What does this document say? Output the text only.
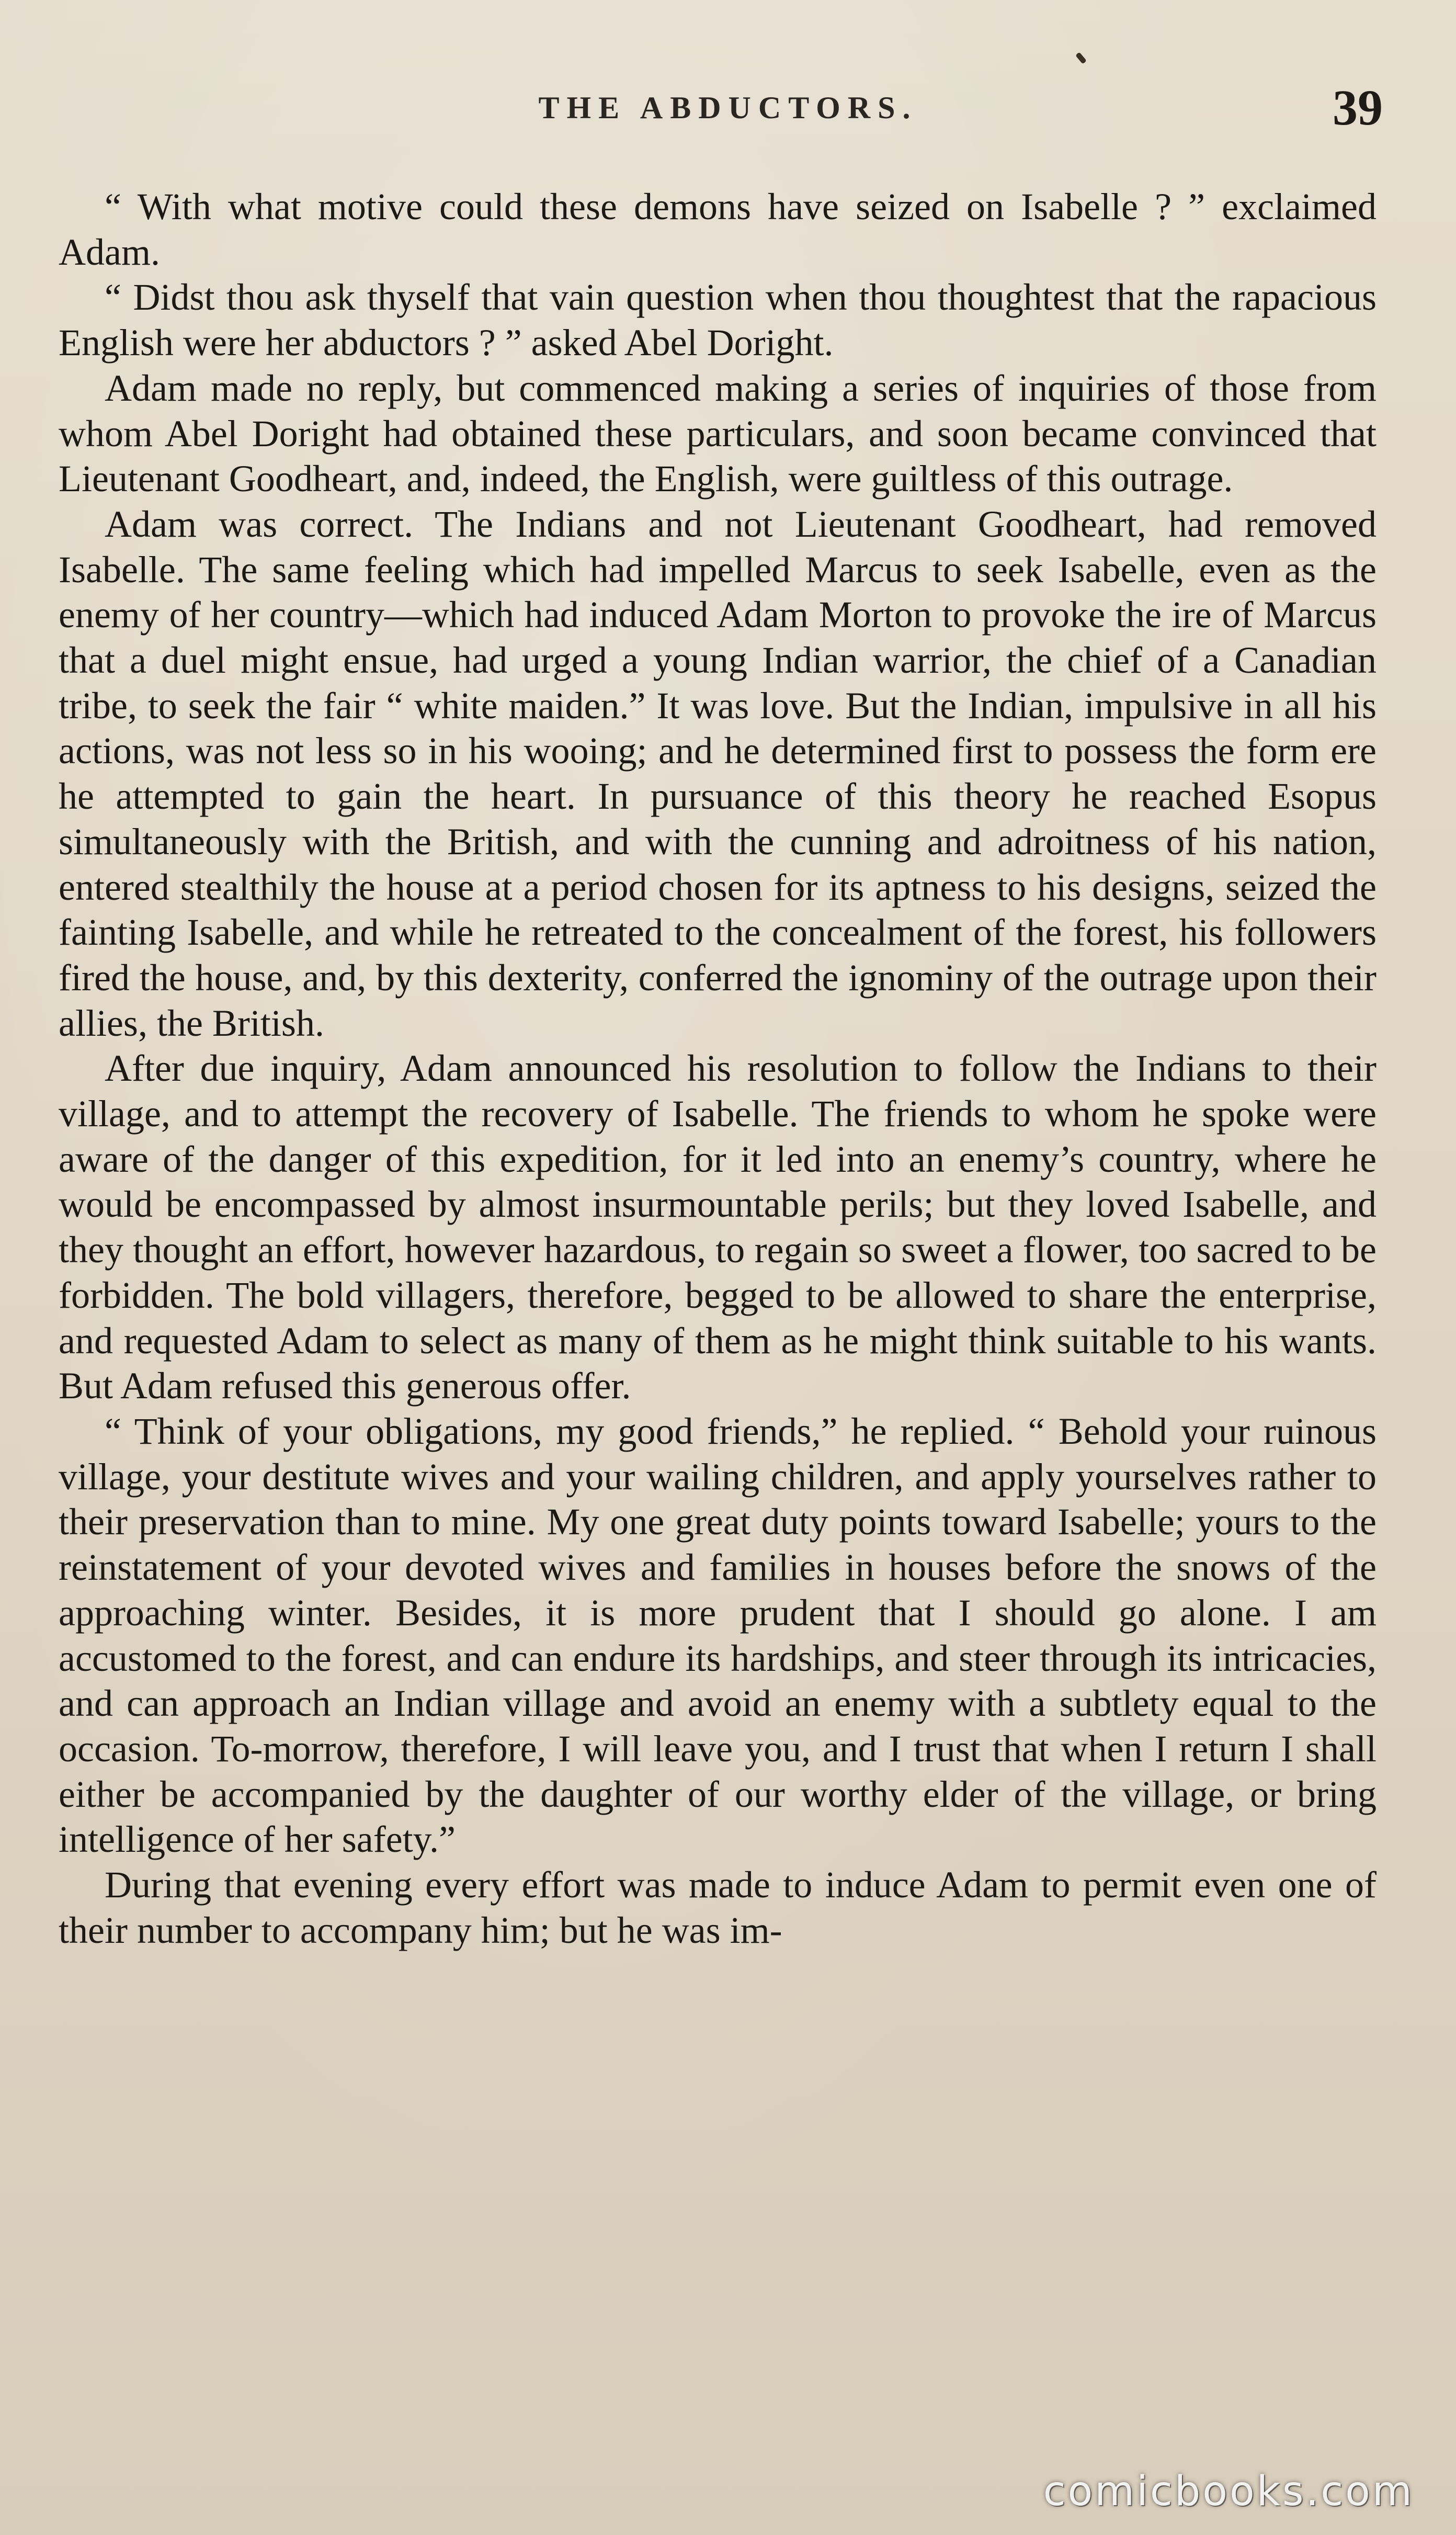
THE ABDUCTORS.	39

“ With what motive could these demons have seized on Isabelle ? ” exclaimed Adam.

“ Didst thou ask thyself that vain question when thou thoughtest that the rapacious English were her abductors ? ” asked Abel Doright.

Adam made no reply, but commenced making a series of inquiries of those from whom Abel Doright had obtained these particulars, and soon became convinced that Lieutenant Goodheart, and, indeed, the English, were guiltless of this outrage.

Adam was correct. The Indians and not Lieutenant Goodheart, had removed Isabelle. The same feeling which had impelled Marcus to seek Isabelle, even as the enemy of her country—which had induced Adam Morton to provoke the ire of Marcus that a duel might ensue, had urged a young Indian warrior, the chief of a Canadian tribe, to seek the fair “ white maiden.” It was love. But the Indian, impulsive in all his actions, was not less so in his wooing; and he determined first to possess the form ere he attempted to gain the heart. In pursuance of this theory he reached Esopus simultaneously with the British, and with the cunning and adroitness of his nation, entered stealthily the house at a period chosen for its aptness to his designs, seized the fainting Isabelle, and while he retreated to the concealment of the forest, his followers fired the house, and, by this dexterity, conferred the ignominy of the outrage upon their allies, the British.

After due inquiry, Adam announced his resolution to follow the Indians to their village, and to attempt the recovery of Isabelle. The friends to whom he spoke were aware of the danger of this expedition, for it led into an enemy’s country, where he would be encompassed by almost insurmountable perils; but they loved Isabelle, and they thought an effort, however hazardous, to regain so sweet a flower, too sacred to be forbidden. The bold villagers, therefore, begged to be allowed to share the enterprise, and requested Adam to select as many of them as he might think suitable to his wants. But Adam refused this generous offer.

“ Think of your obligations, my good friends,” he replied. “ Behold your ruinous village, your destitute wives and your wailing children, and apply yourselves rather to their preservation than to mine. My one great duty points toward Isabelle; yours to the reinstatement of your devoted wives and families in houses before the snows of the approaching winter. Besides, it is more prudent that I should go alone. I am accustomed to the forest, and can endure its hardships, and steer through its intricacies, and can approach an Indian village and avoid an enemy with a subtlety equal to the occasion. To-morrow, therefore, I will leave you, and I trust that when I return I shall either be accompanied by the daughter of our worthy elder of the village, or bring intelligence of her safety.”

During that evening every effort was made to induce Adam to permit even one of their number to accompany him; but he was im-

comicbooks.com
